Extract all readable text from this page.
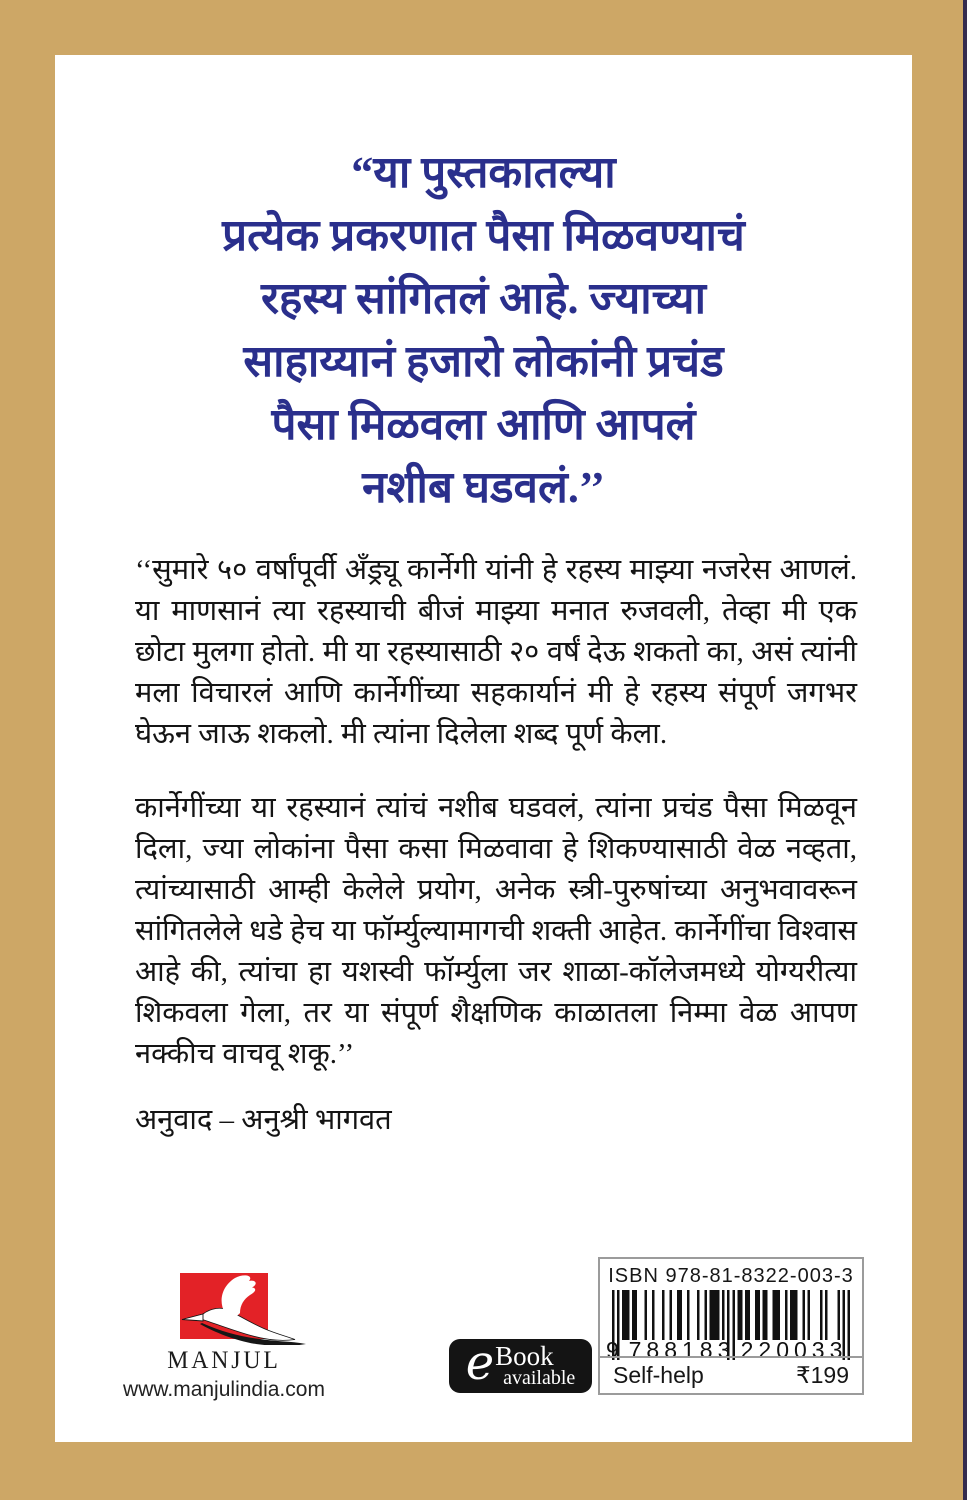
“या पुस्तकातल्या
प्रत्येक प्रकरणात पैसा मिळवण्याचं
रहस्य सांगितलं आहे. ज्याच्या
साहाय्यानं हजारो लोकांनी प्रचंड
पैसा मिळवला आणि आपलं
नशीब घडवलं.’’

‘‘सुमारे ५० वर्षांपूर्वी अँड्र्यू कार्नेगी यांनी हे रहस्य माझ्या नजरेस आणलं. या माणसानं त्या रहस्याची बीजं माझ्या मनात रुजवली, तेव्हा मी एक छोटा मुलगा होतो. मी या रहस्यासाठी २० वर्षं देऊ शकतो का, असं त्यांनी मला विचारलं आणि कार्नेगींच्या सहकार्यानं मी हे रहस्य संपूर्ण जगभर घेऊन जाऊ शकलो. मी त्यांना दिलेला शब्द पूर्ण केला.

कार्नेगींच्या या रहस्यानं त्यांचं नशीब घडवलं, त्यांना प्रचंड पैसा मिळवून दिला, ज्या लोकांना पैसा कसा मिळवावा हे शिकण्यासाठी वेळ नव्हता, त्यांच्यासाठी आम्ही केलेले प्रयोग, अनेक स्त्री-पुरुषांच्या अनुभवावरून सांगितलेले धडे हेच या फॉर्म्युल्यामागची शक्ती आहेत. कार्नेगींचा विश्वास आहे की, त्यांचा हा यशस्वी फॉर्म्युला जर शाळा-कॉलेजमध्ये योग्यरीत्या शिकवला गेला, तर या संपूर्ण शैक्षणिक काळातला निम्मा वेळ आपण नक्कीच वाचवू शकू.’’

अनुवाद – अनुश्री भागवत
MANJUL
www.manjulindia.com	e Book
available
ISBN 978-81-8322-003-3
9 788183 220033
Self-help	₹199
